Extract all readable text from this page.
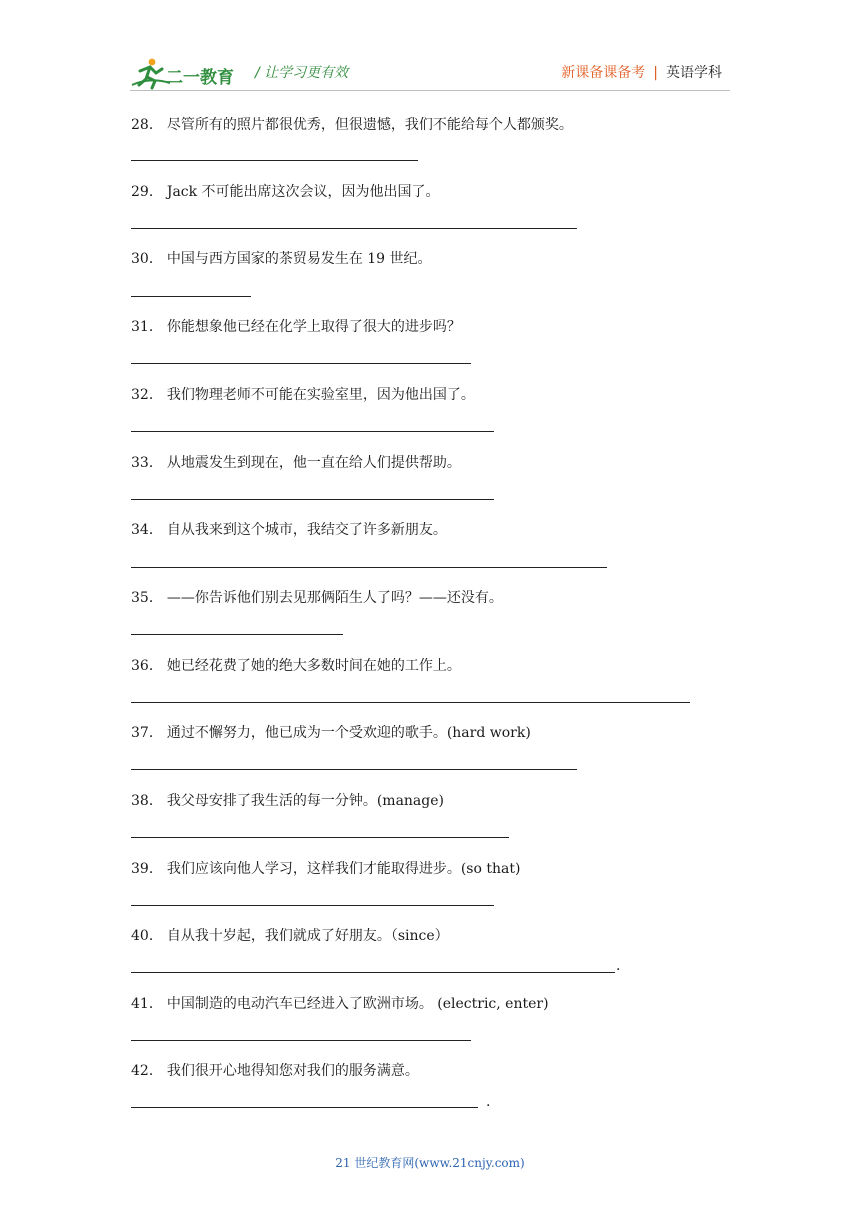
二一教育 / 让学习更有效	新课备课备考 | 英语学科
28． 尽管所有的照片都很优秀，但很遗憾，我们不能给每个人都颁奖。
29． Jack 不可能出席这次会议，因为他出国了。
30． 中国与西方国家的茶贸易发生在 19 世纪。
31． 你能想象他已经在化学上取得了很大的进步吗？
32． 我们物理老师不可能在实验室里，因为他出国了。
33． 从地震发生到现在，他一直在给人们提供帮助。
34． 自从我来到这个城市，我结交了许多新朋友。
35． ——你告诉他们别去见那俩陌生人了吗？——还没有。
36． 她已经花费了她的绝大多数时间在她的工作上。
37． 通过不懈努力，他已成为一个受欢迎的歌手。(hard work)
38． 我父母安排了我生活的每一分钟。(manage)
39． 我们应该向他人学习，这样我们才能取得进步。(so that)
40． 自从我十岁起，我们就成了好朋友。（since）
.
41． 中国制造的电动汽车已经进入了欧洲市场。 (electric, enter)
42． 我们很开心地得知您对我们的服务满意。
.
21 世纪教育网(www.21cnjy.com)
